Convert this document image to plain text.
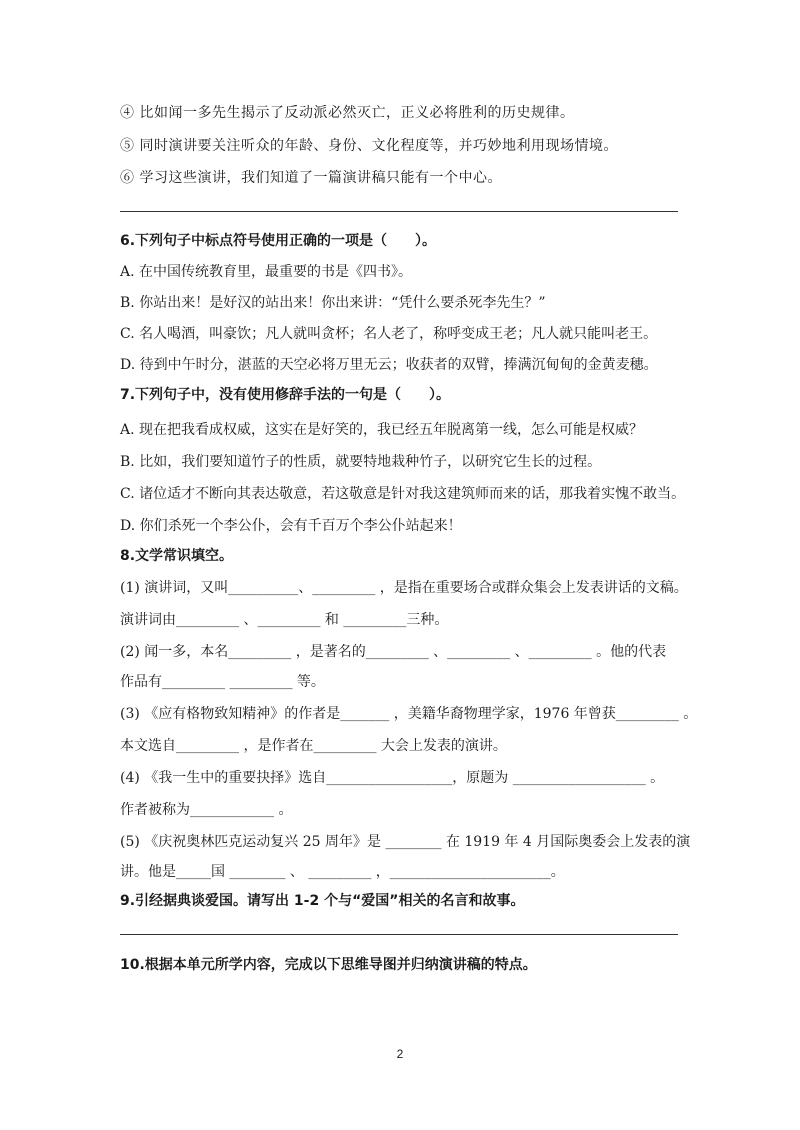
④ 比如闻一多先生揭示了反动派必然灭亡，正义必将胜利的历史规律。
⑤ 同时演讲要关注听众的年龄、身份、文化程度等，并巧妙地利用现场情境。
⑥ 学习这些演讲，我们知道了一篇演讲稿只能有一个中心。
6.下列句子中标点符号使用正确的一项是（　　）。
A. 在中国传统教育里，最重要的书是《四书》。
B. 你站出来！是好汉的站出来！你出来讲：“凭什么要杀死李先生？”
C. 名人喝酒，叫豪饮；凡人就叫贪杯；名人老了，称呼变成王老；凡人就只能叫老王。
D. 待到中午时分，湛蓝的天空必将万里无云；收获者的双臂，捧满沉甸甸的金黄麦穗。
7.下列句子中，没有使用修辞手法的一句是（　　）。
A. 现在把我看成权威，这实在是好笑的，我已经五年脱离第一线，怎么可能是权威？
B. 比如，我们要知道竹子的性质，就要特地栽种竹子，以研究它生长的过程。
C. 诸位适才不断向其表达敬意，若这敬意是针对我这建筑师而来的话，那我着实愧不敢当。
D. 你们杀死一个李公仆，会有千百万个李公仆站起来！
8.文学常识填空。
(1) 演讲词，又叫__________、_________ ，是指在重要场合或群众集会上发表讲话的文稿。
演讲词由_________ 、_________ 和 _________三种。
(2) 闻一多，本名_________ ，是著名的_________ 、_________ 、_________ 。他的代表
作品有_________ _________ 等。
(3) 《应有格物致知精神》的作者是_______ ，美籍华裔物理学家，1976 年曾获_________ 。
本文选自_________ ，是作者在_________ 大会上发表的演讲。
(4) 《我一生中的重要抉择》选自__________________，原题为 ___________________ 。
作者被称为____________ 。
(5) 《庆祝奥林匹克运动复兴 25 周年》是 ________ 在 1919 年 4 月国际奥委会上发表的演
讲。他是_____国 ________ 、 _________ ，_______________________。
9.引经据典谈爱国。请写出 1-2 个与“爱国”相关的名言和故事。
10.根据本单元所学内容，完成以下思维导图并归纳演讲稿的特点。
2
